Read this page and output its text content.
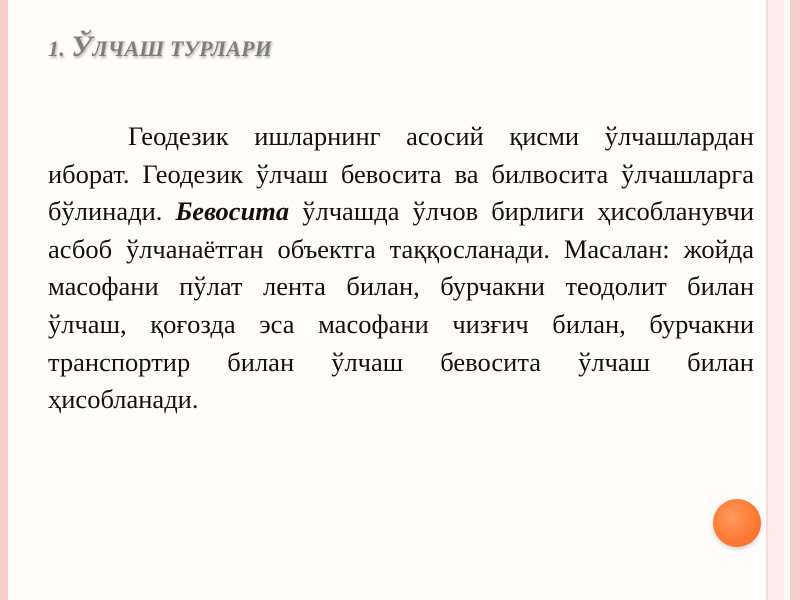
1. ЎЛЧАШ ТУРЛАРИ

Геодезик ишларнинг асосий қисми ўлчашлардан иборат. Геодезик ўлчаш бевосита ва билвосита ўлчашларга бўлинади. Бевосита ўлчашда ўлчов бирлиги ҳисобланувчи асбоб ўлчанаётган объектга таққосланади. Масалан: жойда масофани пўлат лента билан, бурчакни теодолит билан ўлчаш, қоғозда эса масофани чизғич билан, бурчакни транспортир билан ўлчаш бевосита ўлчаш билан ҳисобланади.
